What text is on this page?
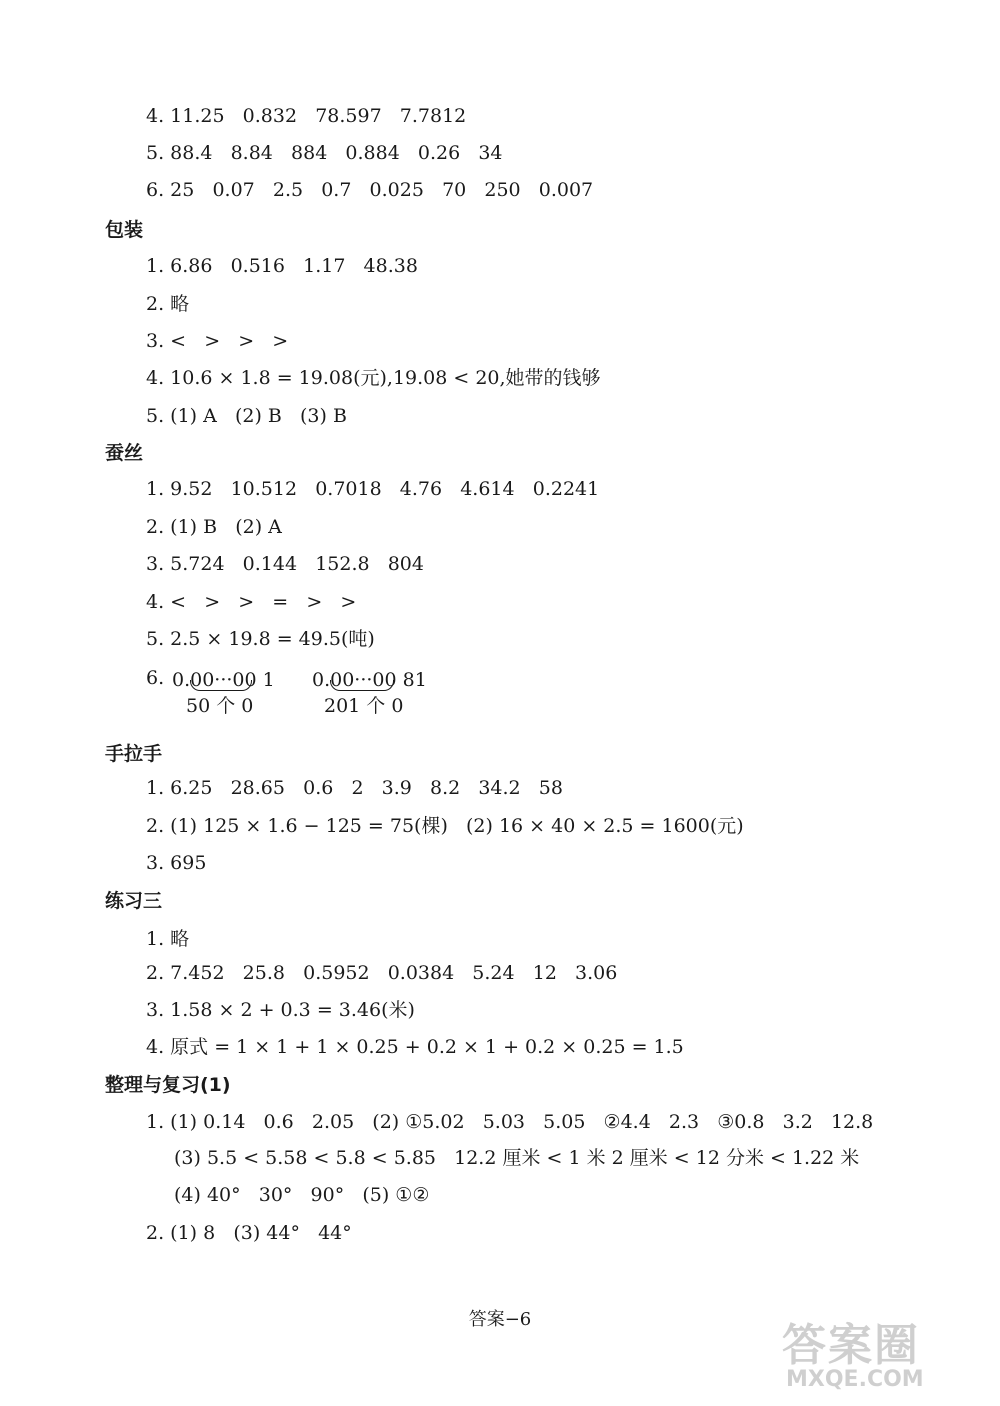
4. 11.25   0.832   78.597   7.7812
5. 88.4   8.84   884   0.884   0.26   34
6. 25   0.07   2.5   0.7   0.025   70   250   0.007
包装
1. 6.86   0.516   1.17   48.38
2. 略
3. <   >   >   >
4. 10.6 × 1.8 = 19.08(元),19.08 < 20,她带的钱够
5. (1) A   (2) B   (3) B
蚕丝
1. 9.52   10.512   0.7018   4.76   4.614   0.2241
2. (1) B   (2) A
3. 5.724   0.144   152.8   804
4. <   >   >   =   >   >
5. 2.5 × 19.8 = 49.5(吨)
6. 0.00···00 1
50 个 0
0.00···00 81
201 个 0
手拉手
1. 6.25   28.65   0.6   2   3.9   8.2   34.2   58
2. (1) 125 × 1.6 − 125 = 75(棵)   (2) 16 × 40 × 2.5 = 1600(元)
3. 695
练习三
1. 略
2. 7.452   25.8   0.5952   0.0384   5.24   12   3.06
3. 1.58 × 2 + 0.3 = 3.46(米)
4. 原式 = 1 × 1 + 1 × 0.25 + 0.2 × 1 + 0.2 × 0.25 = 1.5
整理与复习(1)
1. (1) 0.14   0.6   2.05   (2) ①5.02   5.03   5.05   ②4.4   2.3   ③0.8   3.2   12.8
(3) 5.5 < 5.58 < 5.8 < 5.85   12.2 厘米 < 1 米 2 厘米 < 12 分米 < 1.22 米
(4) 40°   30°   90°   (5) ①②
2. (1) 8   (3) 44°   44°
答案−6
答案圈
MXQE.COM
